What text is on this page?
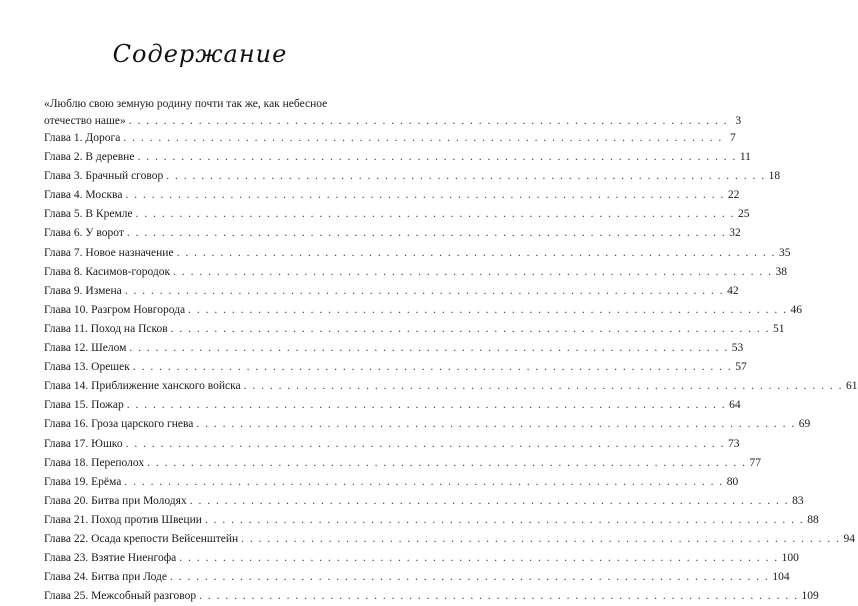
Содержание
«Люблю свою земную родину почти так же, как небесное
отечество наше» . . .	3
Глава 1. Дорога . . .	7
Глава 2. В деревне . . .	11
Глава 3. Брачный сговор . . .	18
Глава 4. Москва . . .	22
Глава 5. В Кремле . . .	25
Глава 6. У ворот . . .	32
Глава 7. Новое назначение . . .	35
Глава 8. Касимов-городок . . .	38
Глава 9. Измена . . .	42
Глава 10. Разгром Новгорода . . .	46
Глава 11. Поход на Псков . . .	51
Глава 12. Шелом . . .	53
Глава 13. Орешек . . .	57
Глава 14. Приближение ханского войска . . .	61
Глава 15. Пожар . . .	64
Глава 16. Гроза царского гнева . . .	69
Глава 17. Юшко . . .	73
Глава 18. Переполох . . .	77
Глава 19. Ерёма . . .	80
Глава 20. Битва при Молодях . . .	83
Глава 21. Поход против Швеции . . .	88
Глава 22. Осада крепости Вейсенштейн . . .	94
Глава 23. Взятие Ниенгофа . . .	100
Глава 24. Битва при Лоде . . .	104
Глава 25. Межсобный разговор . . .	109
